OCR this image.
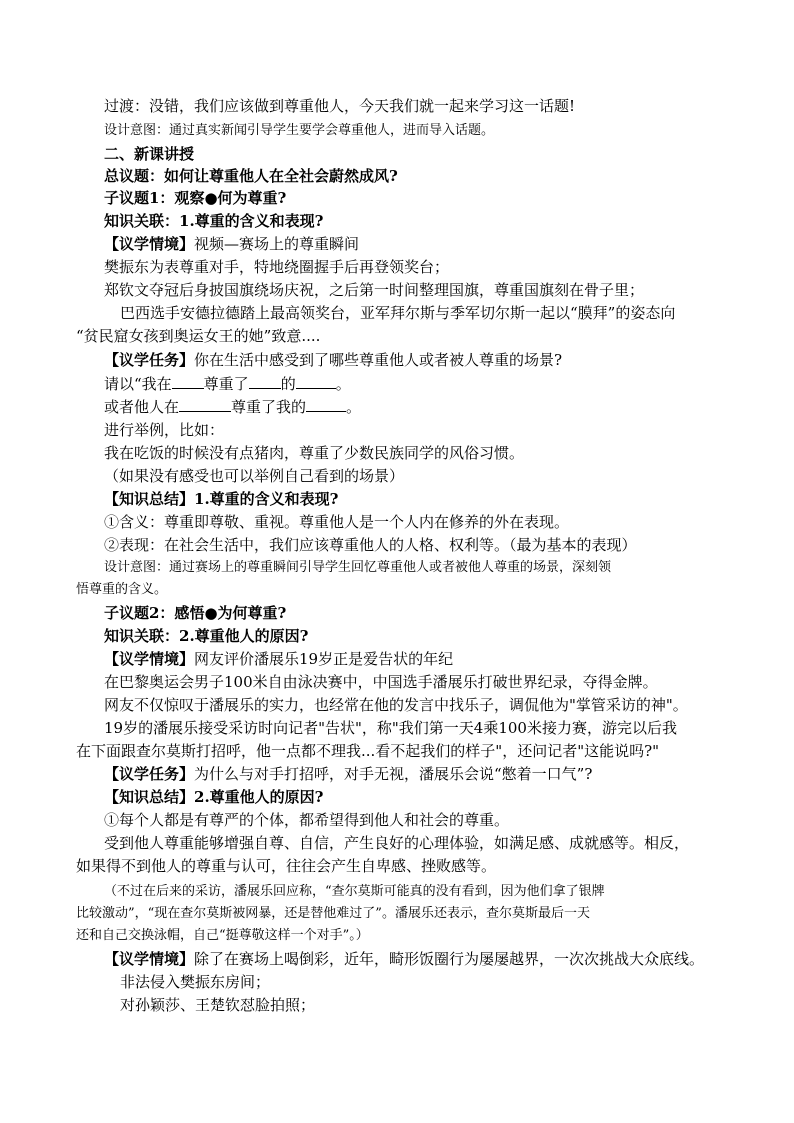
过渡：没错，我们应该做到尊重他人，今天我们就一起来学习这一话题!
设计意图：通过真实新闻引导学生要学会尊重他人，进而导入话题。
二、新课讲授
总议题：如何让尊重他人在全社会蔚然成风?
子议题1：观察●何为尊重?
知识关联：1.尊重的含义和表现?
【议学情境】视频—赛场上的尊重瞬间
樊振东为表尊重对手，特地绕圈握手后再登领奖台；
郑钦文夺冠后身披国旗绕场庆祝，之后第一时间整理国旗，尊重国旗刻在骨子里；
巴西选手安德拉德踏上最高领奖台，亚军拜尔斯与季军切尔斯一起以“膜拜”的姿态向
“贫民窟女孩到奥运女王的她”致意....
【议学任务】你在生活中感受到了哪些尊重他人或者被人尊重的场景?
请以“我在 尊重了 的	。
或者他人在	尊重了我的	。
进行举例，比如：
我在吃饭的时候没有点猪肉，尊重了少数民族同学的风俗习惯。
（如果没有感受也可以举例自己看到的场景）
【知识总结】1.尊重的含义和表现?
①含义：尊重即尊敬、重视。尊重他人是一个人内在修养的外在表现。
②表现：在社会生活中，我们应该尊重他人的人格、权利等。（最为基本的表现）
设计意图：通过赛场上的尊重瞬间引导学生回忆尊重他人或者被他人尊重的场景，深刻领
悟尊重的含义。
子议题2：感悟●为何尊重?
知识关联：2.尊重他人的原因?
【议学情境】网友评价潘展乐19岁正是爱告状的年纪
在巴黎奥运会男子100米自由泳决赛中，中国选手潘展乐打破世界纪录，夺得金牌。
网友不仅惊叹于潘展乐的实力，也经常在他的发言中找乐子，调侃他为"掌管采访的神"。
19岁的潘展乐接受采访时向记者"告状"，称"我们第一天4乘100米接力赛，游完以后我
在下面跟查尔莫斯打招呼，他一点都不理我...看不起我们的样子"，还问记者"这能说吗?"
【议学任务】为什么与对手打招呼，对手无视，潘展乐会说“憋着一口气”?
【知识总结】2.尊重他人的原因?
①每个人都是有尊严的个体，都希望得到他人和社会的尊重。
受到他人尊重能够增强自尊、自信，产生良好的心理体验，如满足感、成就感等。相反，
如果得不到他人的尊重与认可，往往会产生自卑感、挫败感等。
（不过在后来的采访，潘展乐回应称，“查尔莫斯可能真的没有看到，因为他们拿了银牌
比较激动”，“现在查尔莫斯被网暴，还是替他难过了”。潘展乐还表示，查尔莫斯最后一天
还和自己交换泳帽，自己“挺尊敬这样一个对手”。）
【议学情境】除了在赛场上喝倒彩，近年，畸形饭圈行为屡屡越界，一次次挑战大众底线。
非法侵入樊振东房间；
对孙颖莎、王楚钦怼脸拍照；
